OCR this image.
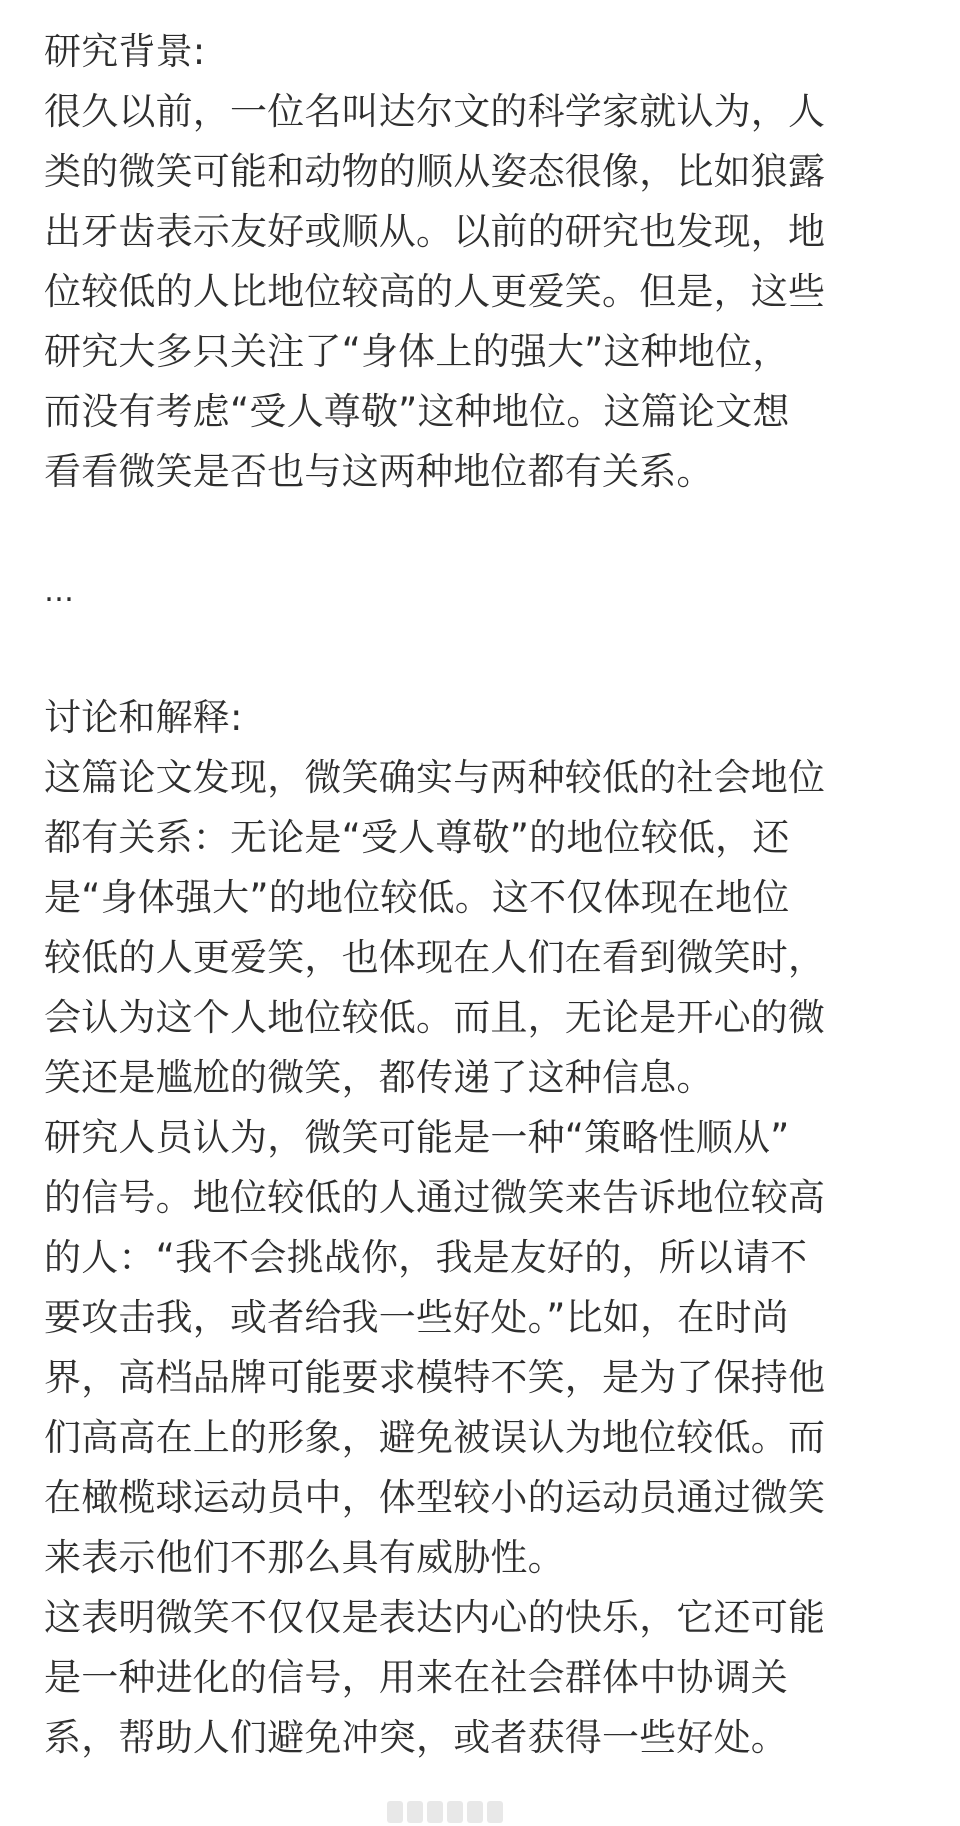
研究背景:
很久以前，一位名叫达尔文的科学家就认为，人
类的微笑可能和动物的顺从姿态很像，比如狼露
出牙齿表示友好或顺从。以前的研究也发现，地
位较低的人比地位较高的人更爱笑。但是，这些
研究大多只关注了“身体上的强大”这种地位，
而没有考虑“受人尊敬”这种地位。这篇论文想
看看微笑是否也与这两种地位都有关系。
…
讨论和解释:
这篇论文发现，微笑确实与两种较低的社会地位
都有关系：无论是“受人尊敬”的地位较低，还
是“身体强大”的地位较低。这不仅体现在地位
较低的人更爱笑，也体现在人们在看到微笑时，
会认为这个人地位较低。而且，无论是开心的微
笑还是尴尬的微笑，都传递了这种信息。
研究人员认为，微笑可能是一种“策略性顺从”
的信号。地位较低的人通过微笑来告诉地位较高
的人：“我不会挑战你，我是友好的，所以请不
要攻击我，或者给我一些好处。”比如，在时尚
界，高档品牌可能要求模特不笑，是为了保持他
们高高在上的形象，避免被误认为地位较低。而
在橄榄球运动员中，体型较小的运动员通过微笑
来表示他们不那么具有威胁性。
这表明微笑不仅仅是表达内心的快乐，它还可能
是一种进化的信号，用来在社会群体中协调关
系，帮助人们避免冲突，或者获得一些好处。
